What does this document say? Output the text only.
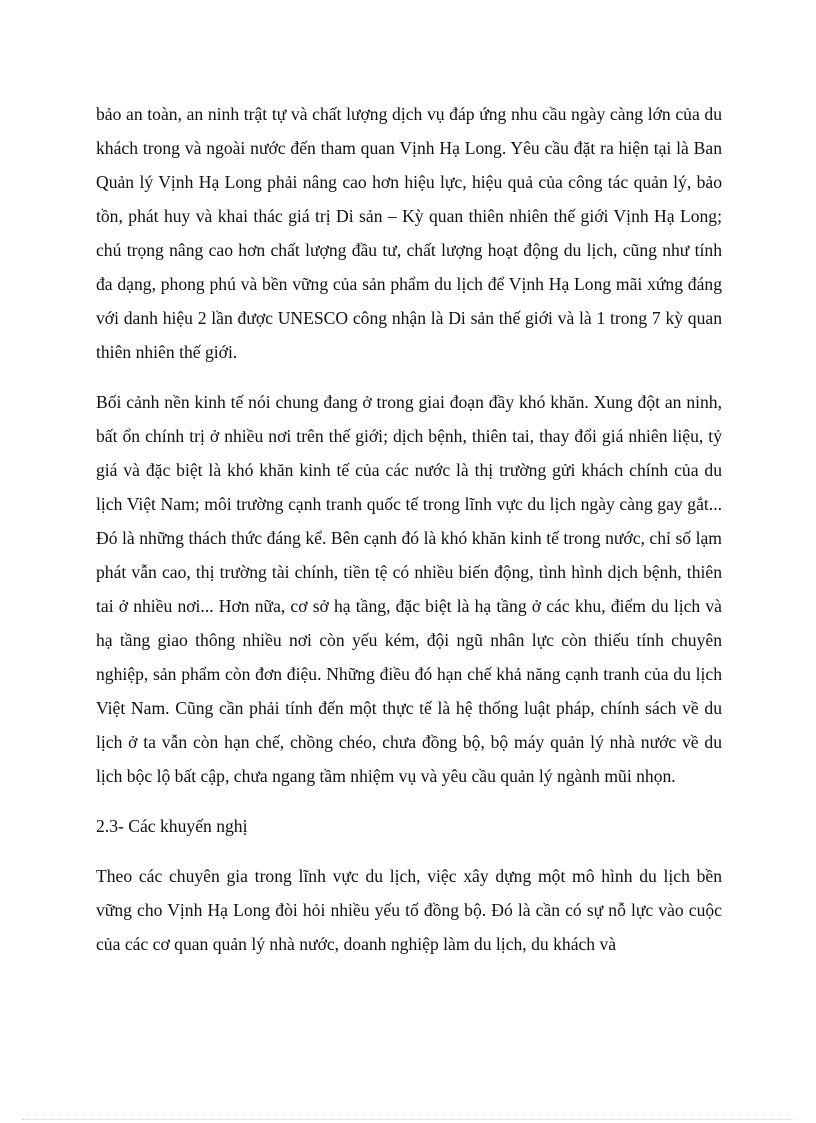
bảo an toàn, an ninh trật tự và chất lượng dịch vụ đáp ứng nhu cầu ngày càng lớn của du khách trong và ngoài nước đến tham quan Vịnh Hạ Long. Yêu cầu đặt ra hiện tại là Ban Quản lý Vịnh Hạ Long phải nâng cao hơn hiệu lực, hiệu quả của công tác quản lý, bảo tồn, phát huy và khai thác giá trị Di sản – Kỳ quan thiên nhiên thế giới Vịnh Hạ Long; chú trọng nâng cao hơn chất lượng đầu tư, chất lượng hoạt động du lịch, cũng như tính đa dạng, phong phú và bền vững của sản phẩm du lịch để Vịnh Hạ Long mãi xứng đáng với danh hiệu 2 lần được UNESCO công nhận là Di sản thế giới và là 1 trong 7 kỳ quan thiên nhiên thế giới.

Bối cảnh nền kinh tế nói chung đang ở trong giai đoạn đầy khó khăn. Xung đột an ninh, bất ổn chính trị ở nhiều nơi trên thế giới; dịch bệnh, thiên tai, thay đổi giá nhiên liệu, tỷ giá và đặc biệt là khó khăn kinh tế của các nước là thị trường gửi khách chính của du lịch Việt Nam; môi trường cạnh tranh quốc tế trong lĩnh vực du lịch ngày càng gay gắt... Đó là những thách thức đáng kể. Bên cạnh đó là khó khăn kinh tế trong nước, chỉ số lạm phát vẫn cao, thị trường tài chính, tiền tệ có nhiều biến động, tình hình dịch bệnh, thiên tai ở nhiều nơi... Hơn nữa, cơ sở hạ tầng, đặc biệt là hạ tầng ở các khu, điểm du lịch và hạ tầng giao thông nhiều nơi còn yếu kém, đội ngũ nhân lực còn thiếu tính chuyên nghiệp, sản phẩm còn đơn điệu. Những điều đó hạn chế khả năng cạnh tranh của du lịch Việt Nam. Cũng cần phải tính đến một thực tế là hệ thống luật pháp, chính sách về du lịch ở ta vẫn còn hạn chế, chồng chéo, chưa đồng bộ, bộ máy quản lý nhà nước về du lịch bộc lộ bất cập, chưa ngang tầm nhiệm vụ và yêu cầu quản lý ngành mũi nhọn.

2.3- Các khuyến nghị

Theo các chuyên gia trong lĩnh vực du lịch, việc xây dựng một mô hình du lịch bền vững cho Vịnh Hạ Long đòi hỏi nhiều yếu tố đồng bộ. Đó là cần có sự nỗ lực vào cuộc của các cơ quan quản lý nhà nước, doanh nghiệp làm du lịch, du khách và
